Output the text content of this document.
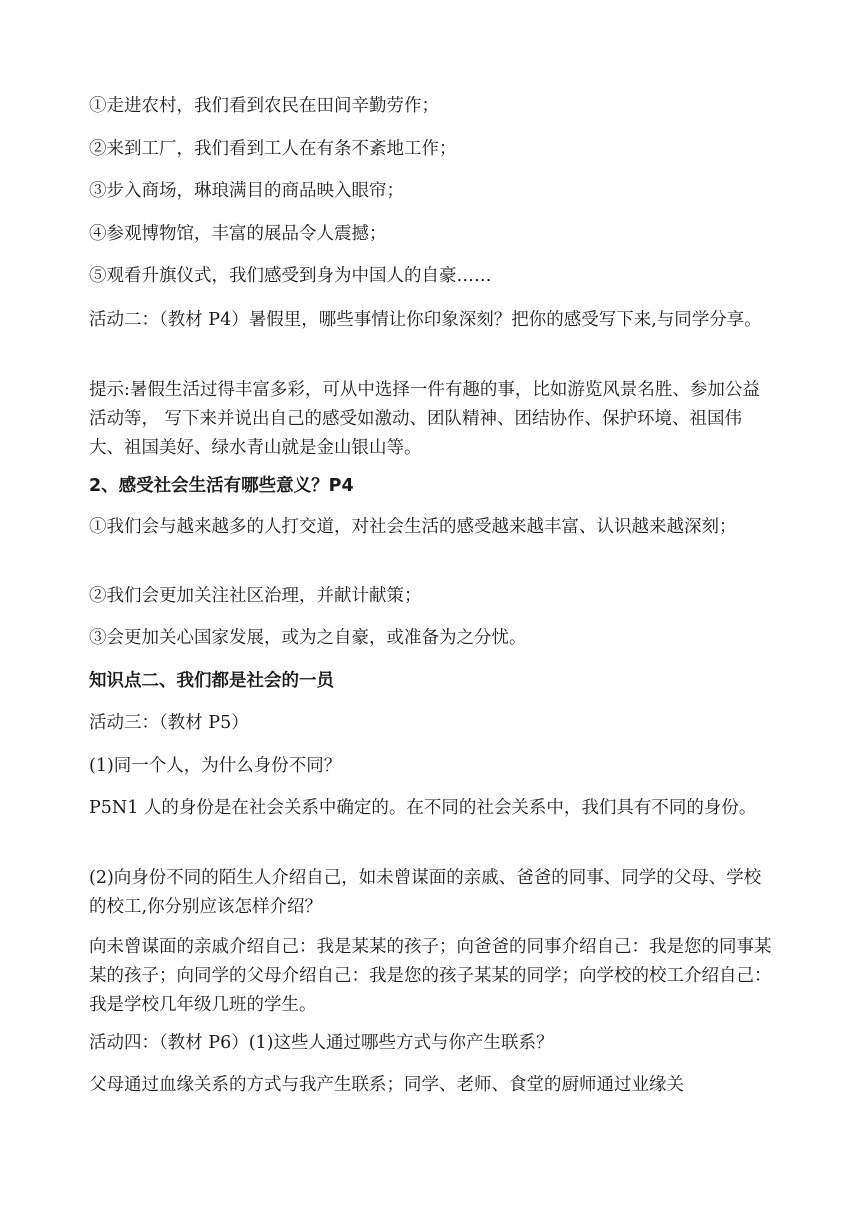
①走进农村，我们看到农民在田间辛勤劳作；

②来到工厂，我们看到工人在有条不紊地工作；

③步入商场，琳琅满目的商品映入眼帘；

④参观博物馆，丰富的展品令人震撼；

⑤观看升旗仪式，我们感受到身为中国人的自豪……

活动二：（教材 P4）暑假里，哪些事情让你印象深刻？把你的感受写下来,与同学分享。

提示:暑假生活过得丰富多彩，可从中选择一件有趣的事，比如游览风景名胜、参加公益活动等， 写下来并说出自己的感受如激动、团队精神、团结协作、保护环境、祖国伟大、祖国美好、绿水青山就是金山银山等。

2、感受社会生活有哪些意义？P4

①我们会与越来越多的人打交道，对社会生活的感受越来越丰富、认识越来越深刻；

②我们会更加关注社区治理，并献计献策；

③会更加关心国家发展，或为之自豪，或准备为之分忧。

知识点二、我们都是社会的一员

活动三：（教材 P5）

(1)同一个人，为什么身份不同？

P5N1 人的身份是在社会关系中确定的。在不同的社会关系中，我们具有不同的身份。

(2)向身份不同的陌生人介绍自己，如未曾谋面的亲戚、爸爸的同事、同学的父母、学校的校工,你分别应该怎样介绍？

向未曾谋面的亲戚介绍自己：我是某某的孩子；向爸爸的同事介绍自己：我是您的同事某某的孩子；向同学的父母介绍自己：我是您的孩子某某的同学；向学校的校工介绍自己：我是学校几年级几班的学生。

活动四：（教材 P6）(1)这些人通过哪些方式与你产生联系？

父母通过血缘关系的方式与我产生联系；同学、老师、食堂的厨师通过业缘关
